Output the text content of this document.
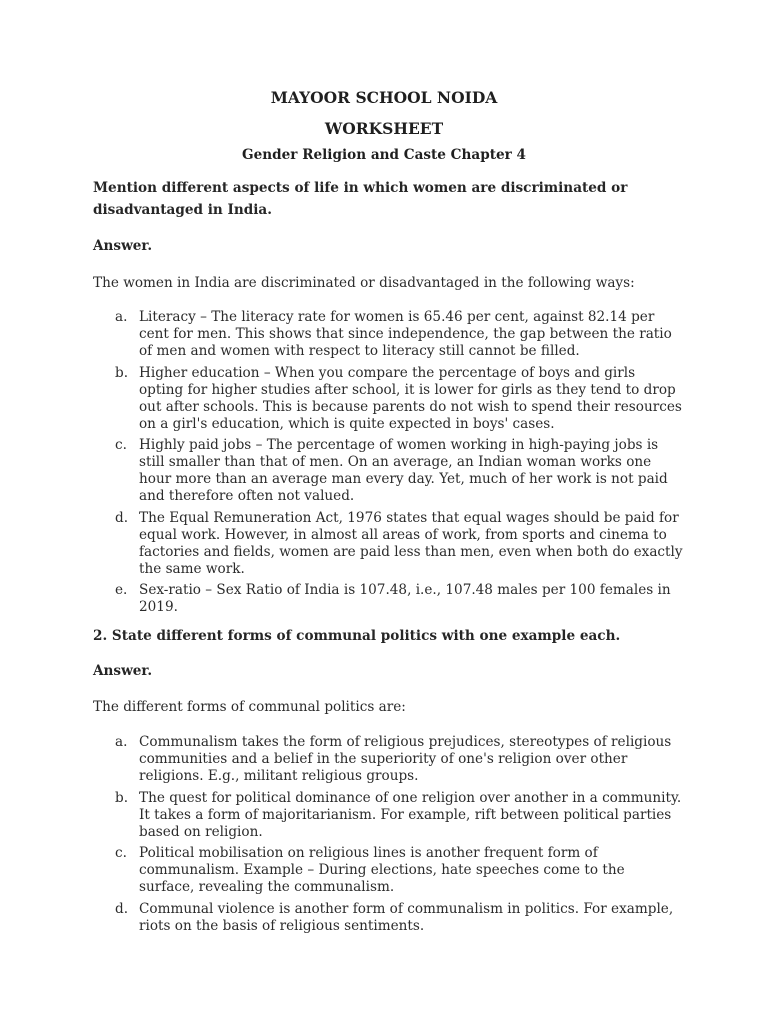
MAYOOR SCHOOL NOIDA
WORKSHEET
Gender Religion and Caste Chapter 4
Mention different aspects of life in which women are discriminated or disadvantaged in India.
Answer.
The women in India are discriminated or disadvantaged in the following ways:
a. Literacy – The literacy rate for women is 65.46 per cent, against 82.14 per cent for men. This shows that since independence, the gap between the ratio of men and women with respect to literacy still cannot be filled.
b. Higher education – When you compare the percentage of boys and girls opting for higher studies after school, it is lower for girls as they tend to drop out after schools. This is because parents do not wish to spend their resources on a girl's education, which is quite expected in boys' cases.
c. Highly paid jobs – The percentage of women working in high-paying jobs is still smaller than that of men. On an average, an Indian woman works one hour more than an average man every day. Yet, much of her work is not paid and therefore often not valued.
d. The Equal Remuneration Act, 1976 states that equal wages should be paid for equal work. However, in almost all areas of work, from sports and cinema to factories and fields, women are paid less than men, even when both do exactly the same work.
e. Sex-ratio – Sex Ratio of India is 107.48, i.e., 107.48 males per 100 females in 2019.
2. State different forms of communal politics with one example each.
Answer.
The different forms of communal politics are:
a. Communalism takes the form of religious prejudices, stereotypes of religious communities and a belief in the superiority of one's religion over other religions. E.g., militant religious groups.
b. The quest for political dominance of one religion over another in a community. It takes a form of majoritarianism. For example, rift between political parties based on religion.
c. Political mobilisation on religious lines is another frequent form of communalism. Example – During elections, hate speeches come to the surface, revealing the communalism.
d. Communal violence is another form of communalism in politics. For example, riots on the basis of religious sentiments.
